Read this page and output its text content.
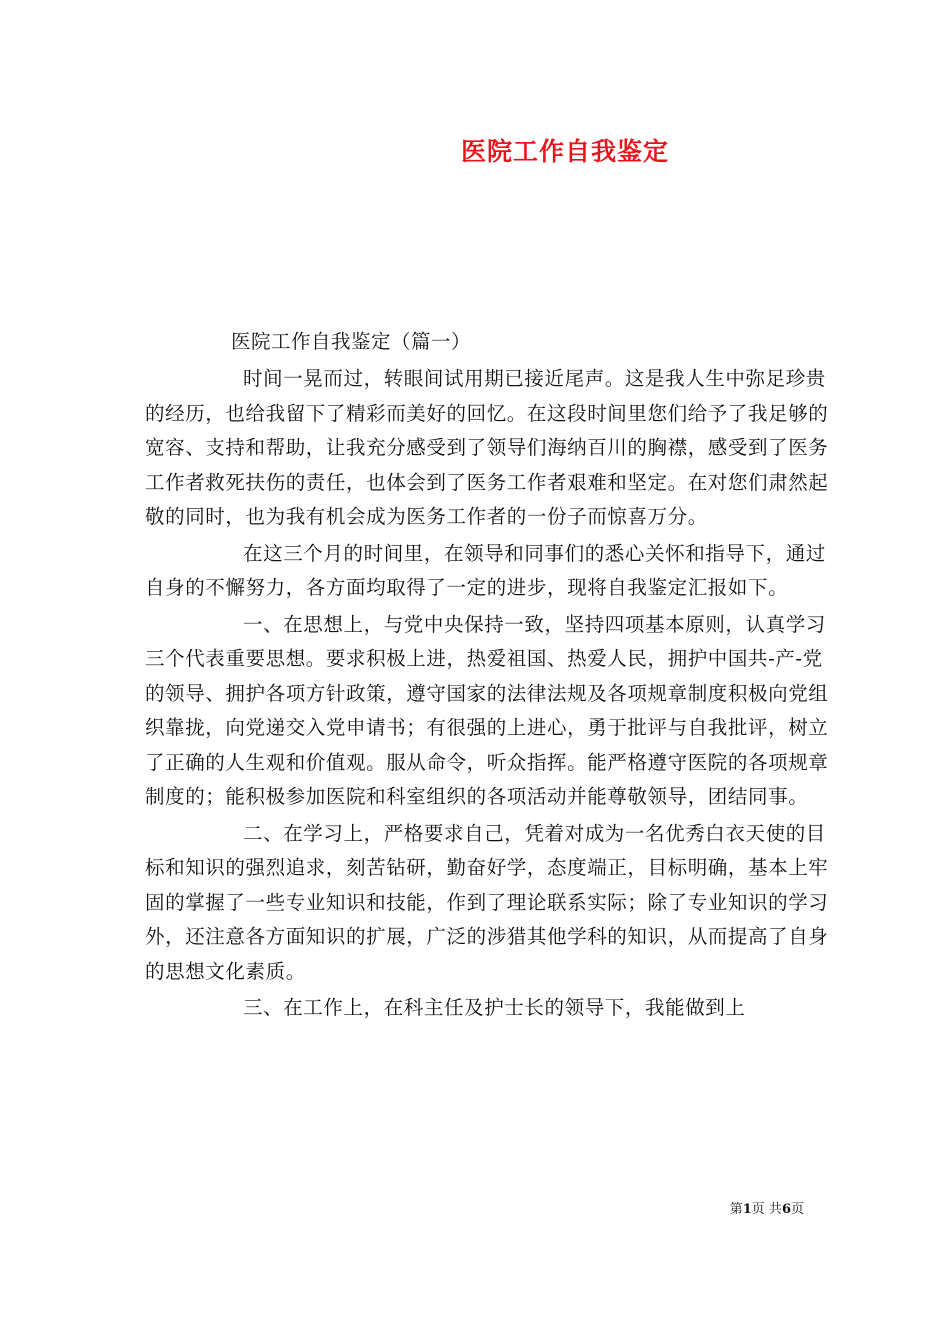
医院工作自我鉴定

医院工作自我鉴定（篇一）

时间一晃而过，转眼间试用期已接近尾声。这是我人生中弥足珍贵的经历，也给我留下了精彩而美好的回忆。在这段时间里您们给予了我足够的宽容、支持和帮助，让我充分感受到了领导们海纳百川的胸襟，感受到了医务工作者救死扶伤的责任，也体会到了医务工作者艰难和坚定。在对您们肃然起敬的同时，也为我有机会成为医务工作者的一份子而惊喜万分。

在这三个月的时间里，在领导和同事们的悉心关怀和指导下，通过自身的不懈努力，各方面均取得了一定的进步，现将自我鉴定汇报如下。

一、在思想上，与党中央保持一致，坚持四项基本原则，认真学习三个代表重要思想。要求积极上进，热爱祖国、热爱人民，拥护中国共-产-党的领导、拥护各项方针政策，遵守国家的法律法规及各项规章制度积极向党组织靠拢，向党递交入党申请书；有很强的上进心，勇于批评与自我批评，树立了正确的人生观和价值观。服从命令，听众指挥。能严格遵守医院的各项规章制度的；能积极参加医院和科室组织的各项活动并能尊敬领导，团结同事。

二、在学习上，严格要求自己，凭着对成为一名优秀白衣天使的目标和知识的强烈追求，刻苦钻研，勤奋好学，态度端正，目标明确，基本上牢固的掌握了一些专业知识和技能，作到了理论联系实际；除了专业知识的学习外，还注意各方面知识的扩展，广泛的涉猎其他学科的知识，从而提高了自身的思想文化素质。

三、在工作上，在科主任及护士长的领导下，我能做到上

第1页 共6页
